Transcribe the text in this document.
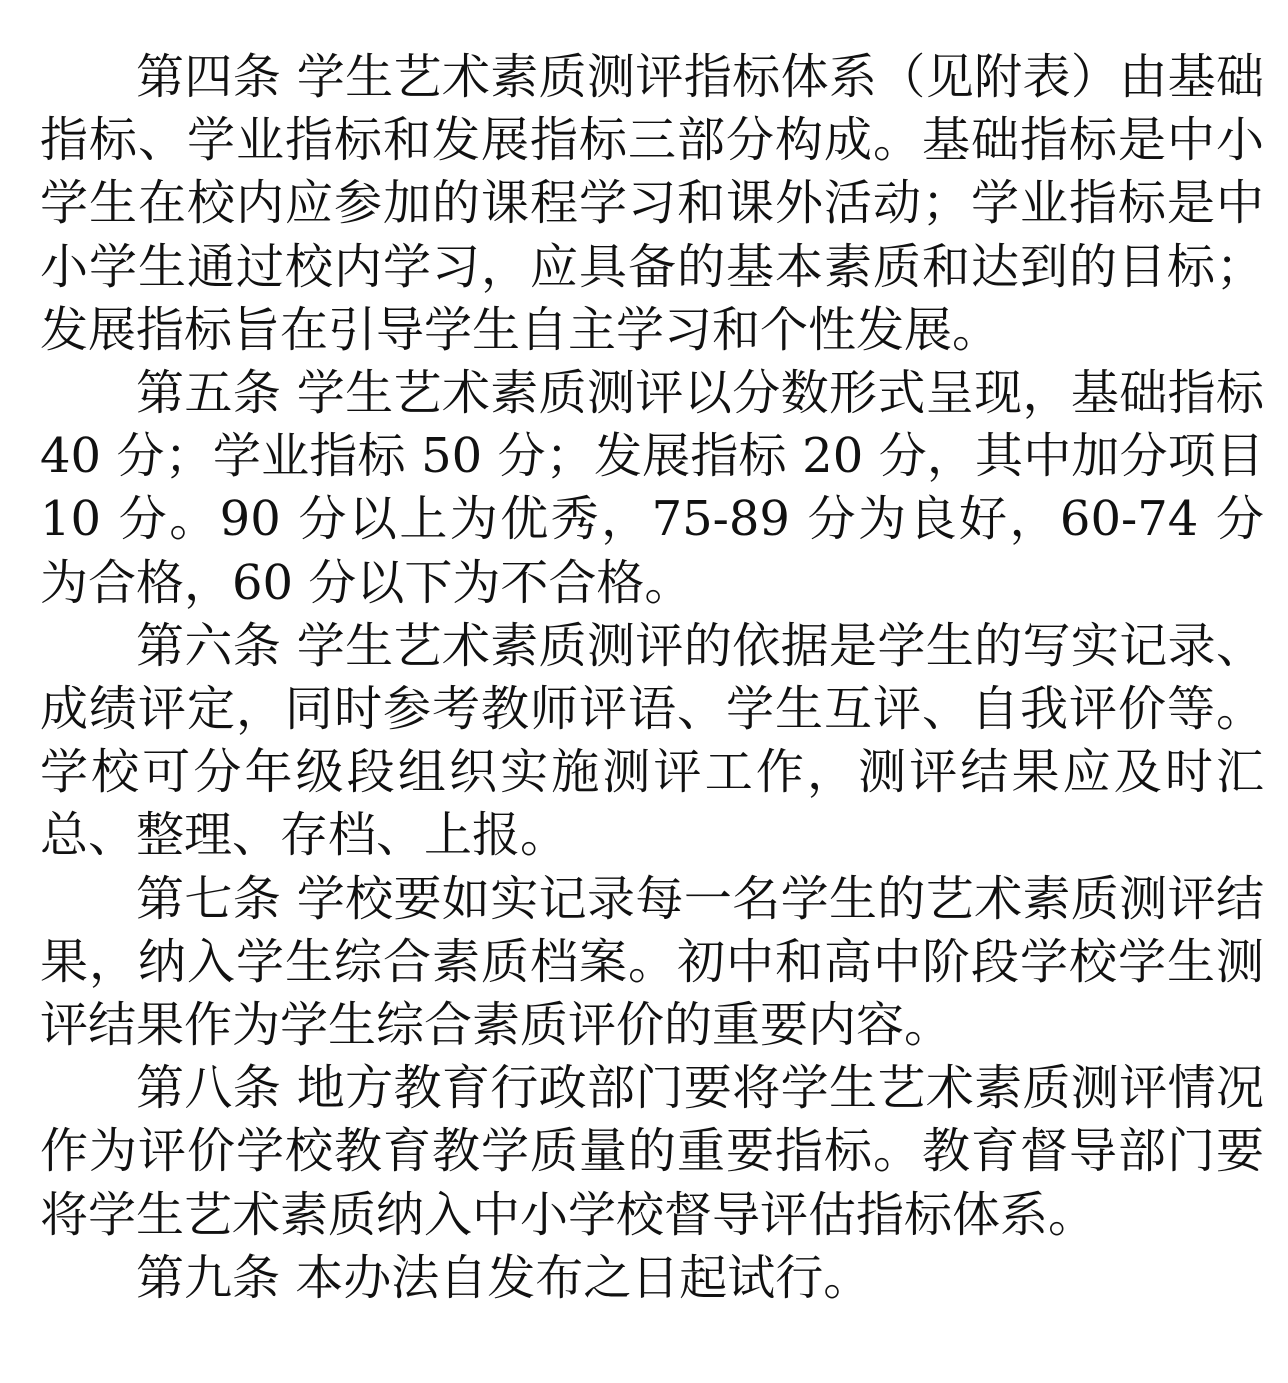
第四条 学生艺术素质测评指标体系（见附表）由基础指标、学业指标和发展指标三部分构成。基础指标是中小学生在校内应参加的课程学习和课外活动；学业指标是中小学生通过校内学习，应具备的基本素质和达到的目标；发展指标旨在引导学生自主学习和个性发展。

第五条 学生艺术素质测评以分数形式呈现，基础指标 40 分；学业指标 50 分；发展指标 20 分，其中加分项目 10 分。90 分以上为优秀，75-89 分为良好，60-74 分为合格，60 分以下为不合格。

第六条 学生艺术素质测评的依据是学生的写实记录、成绩评定，同时参考教师评语、学生互评、自我评价等。学校可分年级段组织实施测评工作，测评结果应及时汇总、整理、存档、上报。

第七条 学校要如实记录每一名学生的艺术素质测评结果，纳入学生综合素质档案。初中和高中阶段学校学生测评结果作为学生综合素质评价的重要内容。

第八条 地方教育行政部门要将学生艺术素质测评情况作为评价学校教育教学质量的重要指标。教育督导部门要将学生艺术素质纳入中小学校督导评估指标体系。

第九条 本办法自发布之日起试行。
